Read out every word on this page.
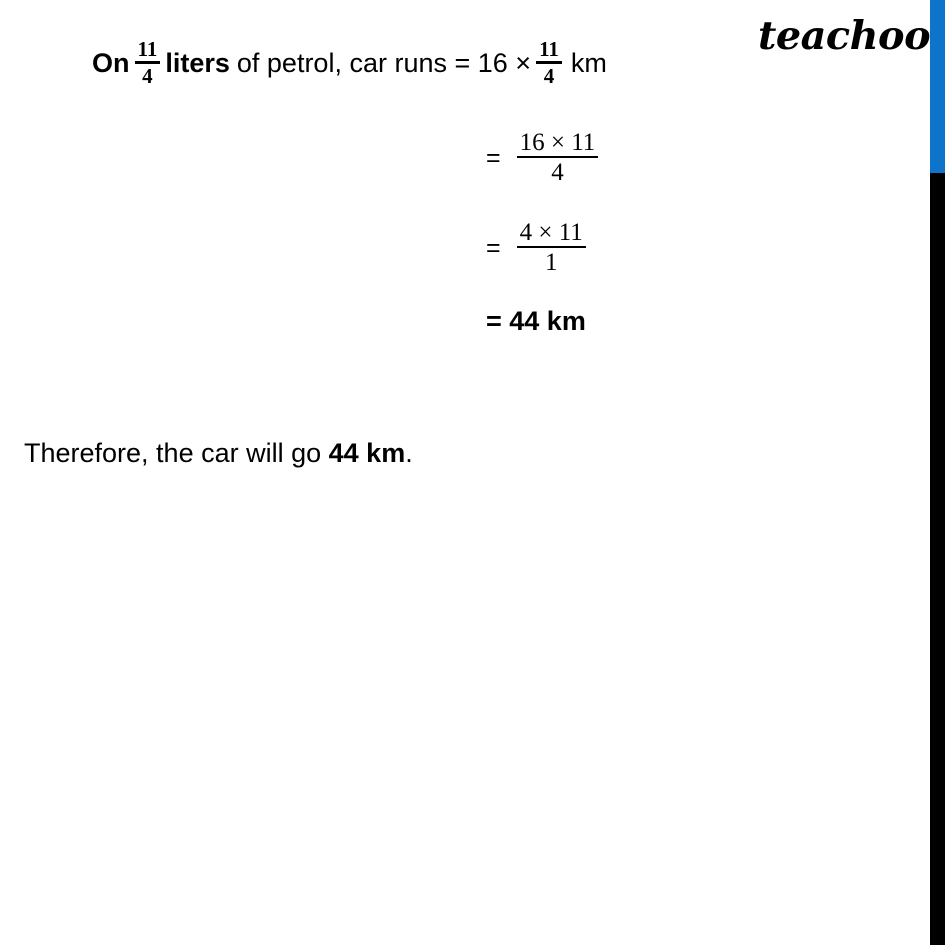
teachoo
On $\frac{11}{4}$ liters of petrol, car runs = $16 \times \frac{11}{4}$ km
= $\frac{16 \times 11}{4}$
= $\frac{4 \times 11}{1}$
= 44 km
Therefore, the car will go 44 km.
